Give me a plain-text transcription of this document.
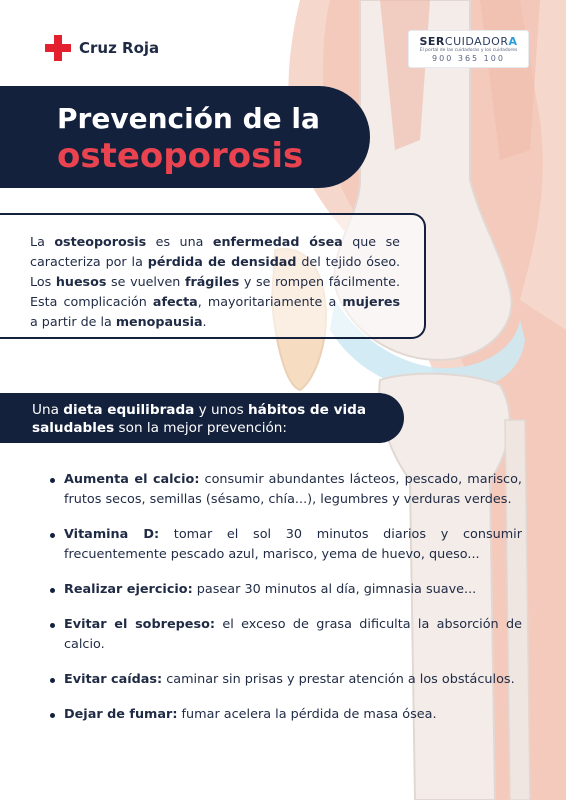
Cruz Roja	SERCUIDADORA
El portal de las cuidadoras y los cuidadores
900 365 100
Prevención de la
osteoporosis
La osteoporosis es una enfermedad ósea que se caracteriza por la pérdida de densidad del tejido óseo. Los huesos se vuelven frágiles y se rompen fácilmente. Esta complicación afecta, mayoritariamente a mujeres a partir de la menopausia.
Una dieta equilibrada y unos hábitos de vida saludables son la mejor prevención:
Aumenta el calcio: consumir abundantes lácteos, pescado, marisco, frutos secos, semillas (sésamo, chía...), legumbres y verduras verdes.
Vitamina D: tomar el sol 30 minutos diarios y consumir frecuentemente pescado azul, marisco, yema de huevo, queso...
Realizar ejercicio: pasear 30 minutos al día, gimnasia suave...
Evitar el sobrepeso: el exceso de grasa dificulta la absorción de calcio.
Evitar caídas: caminar sin prisas y prestar atención a los obstáculos.
Dejar de fumar: fumar acelera la pérdida de masa ósea.
